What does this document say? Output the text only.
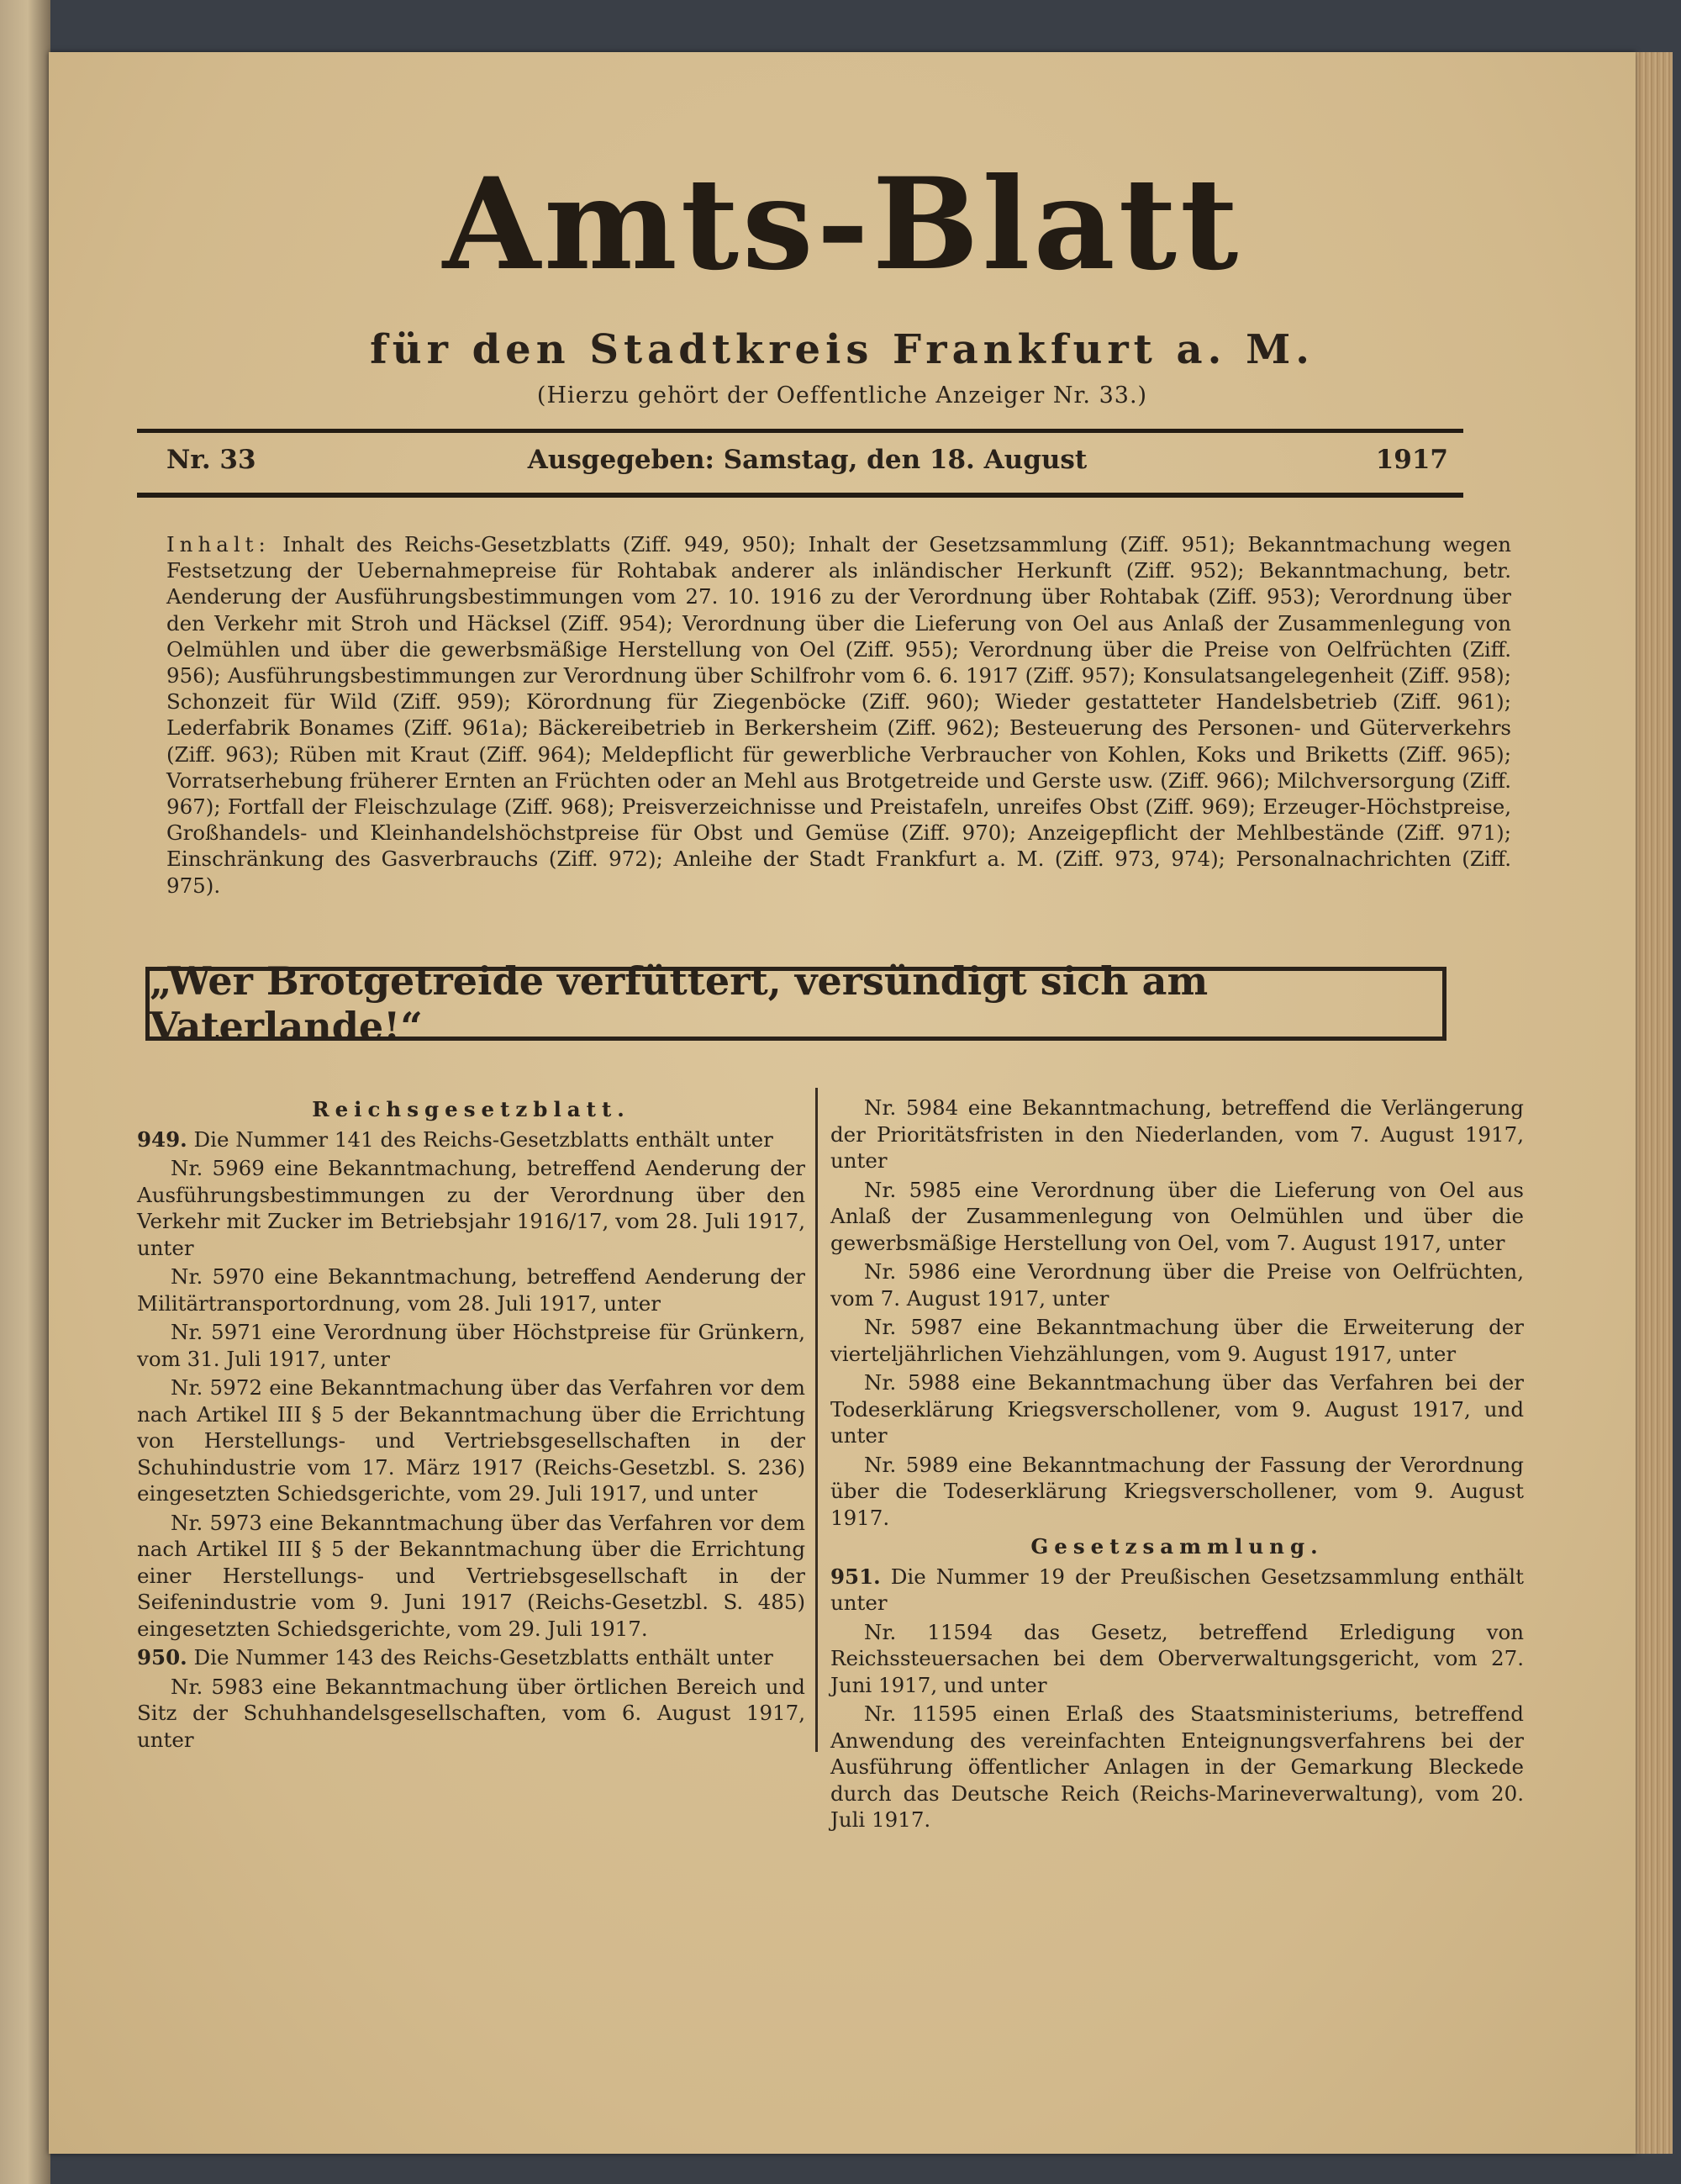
Amts-Blatt
für den Stadtkreis Frankfurt a. M.
(Hierzu gehört der Oeffentliche Anzeiger Nr. 33.)
Nr. 33	Ausgegeben: Samstag, den 18. August	1917
Inhalt: Inhalt des Reichs-Gesetzblatts (Ziff. 949, 950); Inhalt der Gesetzsammlung (Ziff. 951); Bekanntmachung wegen Festsetzung der Uebernahmepreise für Rohtabak anderer als inländischer Herkunft (Ziff. 952); Bekanntmachung, betr. Aenderung der Ausführungsbestimmungen vom 27. 10. 1916 zu der Verordnung über Rohtabak (Ziff. 953); Verordnung über den Verkehr mit Stroh und Häcksel (Ziff. 954); Verordnung über die Lieferung von Oel aus Anlaß der Zusammenlegung von Oelmühlen und über die gewerbsmäßige Herstellung von Oel (Ziff. 955); Verordnung über die Preise von Oelfrüchten (Ziff. 956); Ausführungsbestimmungen zur Verordnung über Schilfrohr vom 6. 6. 1917 (Ziff. 957); Konsulatsangelegenheit (Ziff. 958); Schonzeit für Wild (Ziff. 959); Körordnung für Ziegenböcke (Ziff. 960); Wieder gestatteter Handelsbetrieb (Ziff. 961); Lederfabrik Bonames (Ziff. 961a); Bäckereibetrieb in Berkersheim (Ziff. 962); Besteuerung des Personen- und Güterverkehrs (Ziff. 963); Rüben mit Kraut (Ziff. 964); Meldepflicht für gewerbliche Verbraucher von Kohlen, Koks und Briketts (Ziff. 965); Vorratserhebung früherer Ernten an Früchten oder an Mehl aus Brotgetreide und Gerste usw. (Ziff. 966); Milchversorgung (Ziff. 967); Fortfall der Fleischzulage (Ziff. 968); Preisverzeichnisse und Preistafeln, unreifes Obst (Ziff. 969); Erzeuger-Höchstpreise, Großhandels- und Kleinhandelshöchstpreise für Obst und Gemüse (Ziff. 970); Anzeigepflicht der Mehlbestände (Ziff. 971); Einschränkung des Gasverbrauchs (Ziff. 972); Anleihe der Stadt Frankfurt a. M. (Ziff. 973, 974); Personalnachrichten (Ziff. 975).
„Wer Brotgetreide verfüttert, versündigt sich am Vaterlande!“
Reichsgesetzblatt.

949. Die Nummer 141 des Reichs-Gesetzblatts enthält unter

Nr. 5969 eine Bekanntmachung, betreffend Aenderung der Ausführungsbestimmungen zu der Verordnung über den Verkehr mit Zucker im Betriebsjahr 1916/17, vom 28. Juli 1917, unter

Nr. 5970 eine Bekanntmachung, betreffend Aenderung der Militärtransportordnung, vom 28. Juli 1917, unter

Nr. 5971 eine Verordnung über Höchstpreise für Grünkern, vom 31. Juli 1917, unter

Nr. 5972 eine Bekanntmachung über das Verfahren vor dem nach Artikel III § 5 der Bekanntmachung über die Errichtung von Herstellungs- und Vertriebsgesellschaften in der Schuhindustrie vom 17. März 1917 (Reichs-Gesetzbl. S. 236) eingesetzten Schiedsgerichte, vom 29. Juli 1917, und unter

Nr. 5973 eine Bekanntmachung über das Verfahren vor dem nach Artikel III § 5 der Bekanntmachung über die Errichtung einer Herstellungs- und Vertriebsgesellschaft in der Seifenindustrie vom 9. Juni 1917 (Reichs-Gesetzbl. S. 485) eingesetzten Schiedsgerichte, vom 29. Juli 1917.

950. Die Nummer 143 des Reichs-Gesetzblatts enthält unter

Nr. 5983 eine Bekanntmachung über örtlichen Bereich und Sitz der Schuhhandelsgesellschaften, vom 6. August 1917, unter

Nr. 5984 eine Bekanntmachung, betreffend die Verlängerung der Prioritätsfristen in den Niederlanden, vom 7. August 1917, unter

Nr. 5985 eine Verordnung über die Lieferung von Oel aus Anlaß der Zusammenlegung von Oelmühlen und über die gewerbsmäßige Herstellung von Oel, vom 7. August 1917, unter

Nr. 5986 eine Verordnung über die Preise von Oelfrüchten, vom 7. August 1917, unter

Nr. 5987 eine Bekanntmachung über die Erweiterung der vierteljährlichen Viehzählungen, vom 9. August 1917, unter

Nr. 5988 eine Bekanntmachung über das Verfahren bei der Todeserklärung Kriegsverschollener, vom 9. August 1917, und unter

Nr. 5989 eine Bekanntmachung der Fassung der Verordnung über die Todeserklärung Kriegsverschollener, vom 9. August 1917.

Gesetzsammlung.

951. Die Nummer 19 der Preußischen Gesetzsammlung enthält unter

Nr. 11594 das Gesetz, betreffend Erledigung von Reichssteuersachen bei dem Oberverwaltungsgericht, vom 27. Juni 1917, und unter

Nr. 11595 einen Erlaß des Staatsministeriums, betreffend Anwendung des vereinfachten Enteignungsverfahrens bei der Ausführung öffentlicher Anlagen in der Gemarkung Bleckede durch das Deutsche Reich (Reichs-Marineverwaltung), vom 20. Juli 1917.
